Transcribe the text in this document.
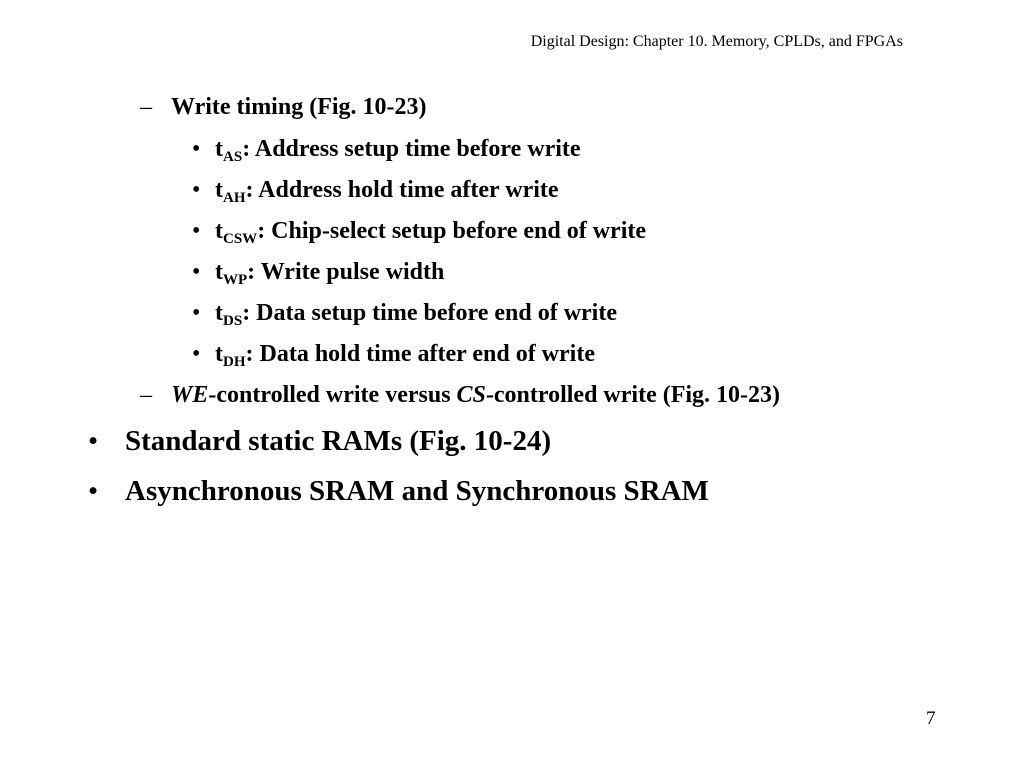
Digital Design: Chapter 10. Memory, CPLDs, and FPGAs
– Write timing (Fig. 10-23)
• $t_{AS}$: Address setup time before write
• $t_{AH}$: Address hold time after write
• $t_{CSW}$: Chip-select setup before end of write
• $t_{WP}$: Write pulse width
• $t_{DS}$: Data setup time before end of write
• $t_{DH}$: Data hold time after end of write
– WE-controlled write versus CS-controlled write (Fig. 10-23)
• Standard static RAMs (Fig. 10-24)
• Asynchronous SRAM and Synchronous SRAM
7
